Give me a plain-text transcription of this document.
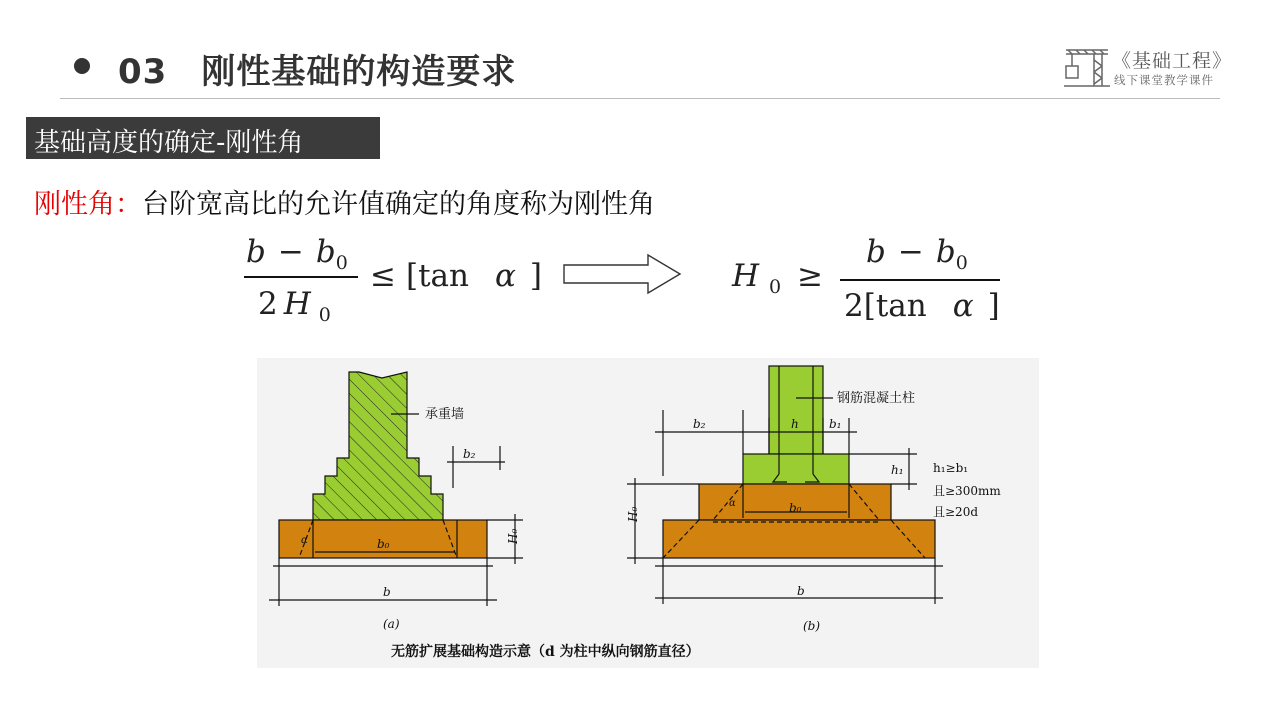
03 刚性基础的构造要求	《基础工程》
线下课堂教学课件
基础高度的确定-刚性角
刚性角：台阶宽高比的允许值确定的角度称为刚性角
$b - b_0$
2 H $_0$
≤ [tan α ]	H $_0$ ≥
$b - b_0$
2[tan α ]
承重墙
b₂
b₀
α	H₀
b
(a)
钢筋混凝土柱
b₂	h	b₁
h₁
α	b₀
H₀
b
h₁≥b₁
且≥300mm
且≥20d
(b)
无筋扩展基础构造示意（d 为柱中纵向钢筋直径）
